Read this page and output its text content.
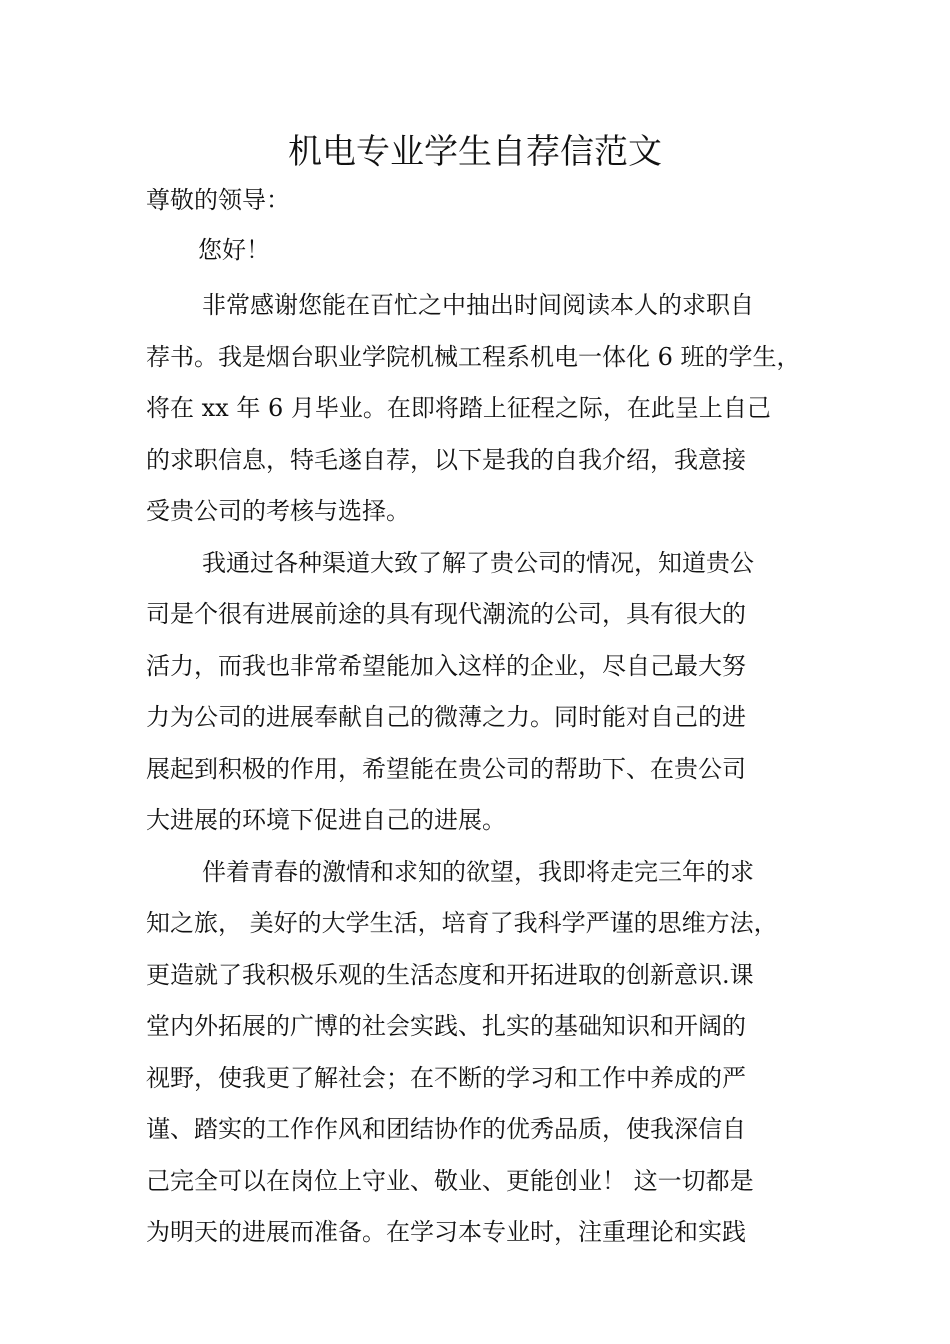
机电专业学生自荐信范文
尊敬的领导：
您好！
非常感谢您能在百忙之中抽出时间阅读本人的求职自
荐书。我是烟台职业学院机械工程系机电一体化 6 班的学生，
将在 xx 年 6 月毕业。在即将踏上征程之际，在此呈上自己
的求职信息，特毛遂自荐，以下是我的自我介绍，我意接
受贵公司的考核与选择。
我通过各种渠道大致了解了贵公司的情况，知道贵公
司是个很有进展前途的具有现代潮流的公司，具有很大的
活力，而我也非常希望能加入这样的企业，尽自己最大努
力为公司的进展奉献自己的微薄之力。同时能对自己的进
展起到积极的作用，希望能在贵公司的帮助下、在贵公司
大进展的环境下促进自己的进展。
伴着青春的激情和求知的欲望，我即将走完三年的求
知之旅， 美好的大学生活，培育了我科学严谨的思维方法，
更造就了我积极乐观的生活态度和开拓进取的创新意识.课
堂内外拓展的广博的社会实践、扎实的基础知识和开阔的
视野，使我更了解社会；在不断的学习和工作中养成的严
谨、踏实的工作作风和团结协作的优秀品质，使我深信自
己完全可以在岗位上守业、敬业、更能创业！ 这一切都是
为明天的进展而准备。在学习本专业时，注重理论和实践
